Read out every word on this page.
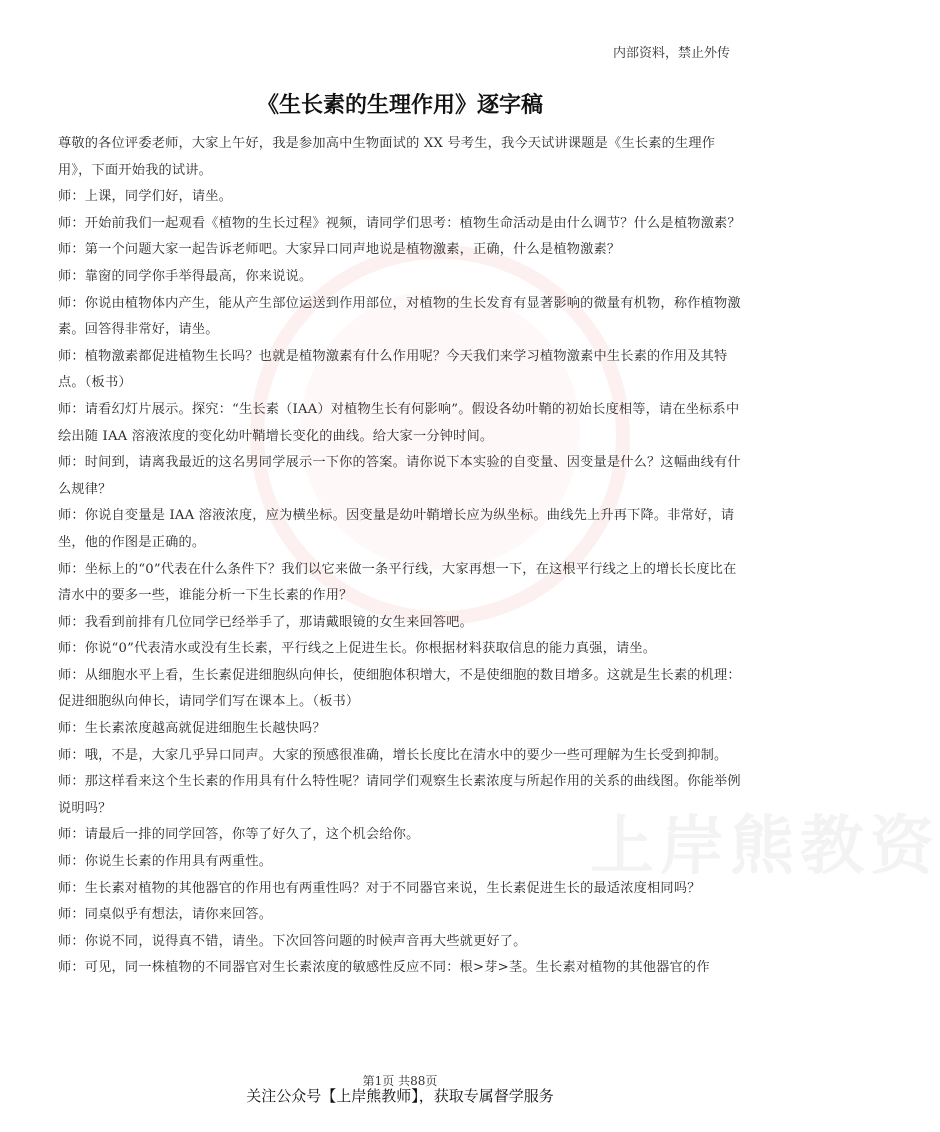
上岸熊教资
内部资料，禁止外传
《生长素的生理作用》逐字稿

尊敬的各位评委老师，大家上午好，我是参加高中生物面试的 XX 号考生，我今天试讲课题是《生长素的生理作用》，下面开始我的试讲。

师：上课，同学们好，请坐。

师：开始前我们一起观看《植物的生长过程》视频，请同学们思考：植物生命活动是由什么调节？什么是植物激素？

师：第一个问题大家一起告诉老师吧。大家异口同声地说是植物激素，正确，什么是植物激素？

师：靠窗的同学你手举得最高，你来说说。

师：你说由植物体内产生，能从产生部位运送到作用部位，对植物的生长发育有显著影响的微量有机物，称作植物激素。回答得非常好，请坐。

师：植物激素都促进植物生长吗？也就是植物激素有什么作用呢？今天我们来学习植物激素中生长素的作用及其特点。（板书）

师：请看幻灯片展示。探究：“生长素（IAA）对植物生长有何影响”。假设各幼叶鞘的初始长度相等，请在坐标系中绘出随 IAA 溶液浓度的变化幼叶鞘增长变化的曲线。给大家一分钟时间。

师：时间到，请离我最近的这名男同学展示一下你的答案。请你说下本实验的自变量、因变量是什么？这幅曲线有什么规律？

师：你说自变量是 IAA 溶液浓度，应为横坐标。因变量是幼叶鞘增长应为纵坐标。曲线先上升再下降。非常好，请坐，他的作图是正确的。

师：坐标上的“0”代表在什么条件下？我们以它来做一条平行线，大家再想一下，在这根平行线之上的增长长度比在清水中的要多一些，谁能分析一下生长素的作用？

师：我看到前排有几位同学已经举手了，那请戴眼镜的女生来回答吧。

师：你说“0”代表清水或没有生长素，平行线之上促进生长。你根据材料获取信息的能力真强，请坐。

师：从细胞水平上看，生长素促进细胞纵向伸长，使细胞体积增大，不是使细胞的数目增多。这就是生长素的机理：促进细胞纵向伸长，请同学们写在课本上。（板书）

师：生长素浓度越高就促进细胞生长越快吗？

师：哦，不是，大家几乎异口同声。大家的预感很准确，增长长度比在清水中的要少一些可理解为生长受到抑制。

师：那这样看来这个生长素的作用具有什么特性呢？请同学们观察生长素浓度与所起作用的关系的曲线图。你能举例说明吗？

师：请最后一排的同学回答，你等了好久了，这个机会给你。

师：你说生长素的作用具有两重性。

师：生长素对植物的其他器官的作用也有两重性吗？对于不同器官来说，生长素促进生长的最适浓度相同吗？

师：同桌似乎有想法，请你来回答。

师：你说不同，说得真不错，请坐。下次回答问题的时候声音再大些就更好了。

师：可见，同一株植物的不同器官对生长素浓度的敏感性反应不同：根>芽>茎。生长素对植物的其他器官的作

第1页 共88页
关注公众号【上岸熊教师】，获取专属督学服务
